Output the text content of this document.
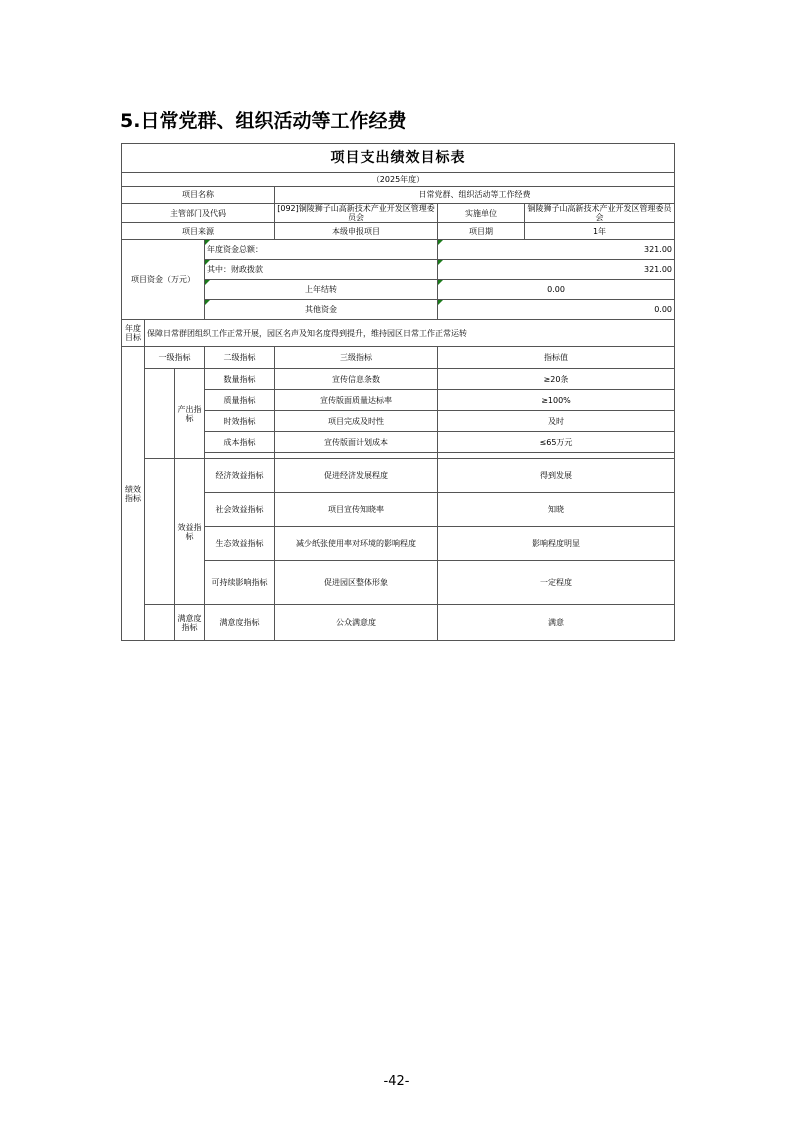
5.日常党群、组织活动等工作经费
项目支出绩效目标表						
（2025年度）						
项目名称				日常党群、组织活动等工作经费		
主管部门及代码				[092]铜陵狮子山高新技术产业开发区管理委员会	实施单位	铜陵狮子山高新技术产业开发区管理委员会
项目来源				本级申报项目	项目期	1年
项目资金（万元）			年度资金总额：		321.00	
			其中：财政拨款		321.00	
			上年结转		0.00	
			其他资金		0.00	
年度目标	保障日常群团组织工作正常开展，园区名声及知名度得到提升，维持园区日常工作正常运转					
绩效指标	一级指标		二级指标	三级指标	指标值	
		产出指标	数量指标	宣传信息条数	≥20条	
			质量指标	宣传版面质量达标率	≥100%	
			时效指标	项目完成及时性	及时	
			成本指标	宣传版面计划成本	≤65万元	

		效益指标	经济效益指标	促进经济发展程度	得到发展	
			社会效益指标	项目宣传知晓率	知晓	
			生态效益指标	减少纸张使用率对环境的影响程度	影响程度明显	
			可持续影响指标	促进园区整体形象	一定程度	
		满意度指标	满意度指标	公众满意度	满意	
-42-
